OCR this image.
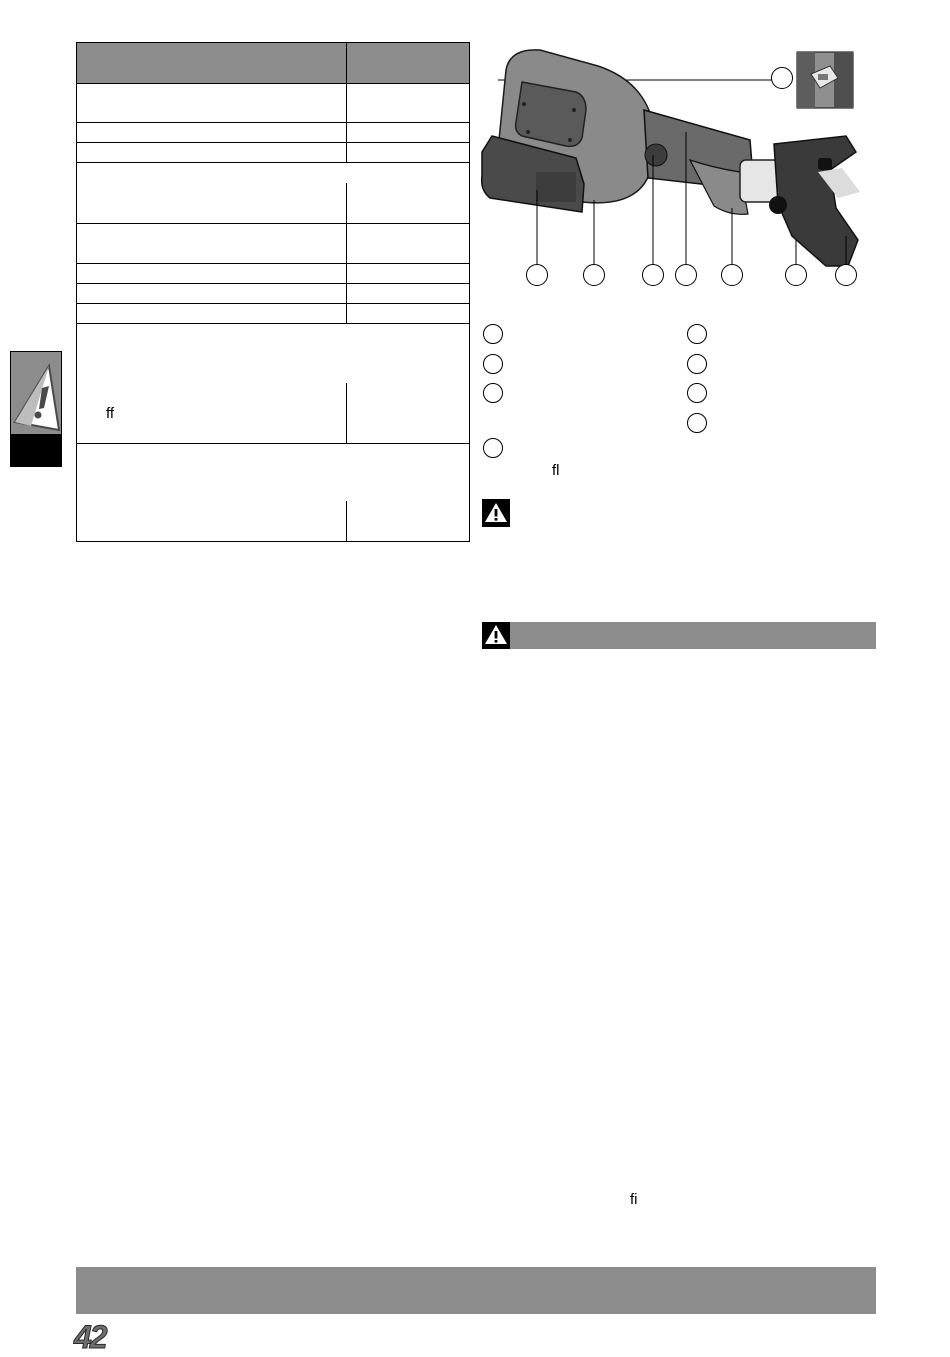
ff
fl
fi
42
